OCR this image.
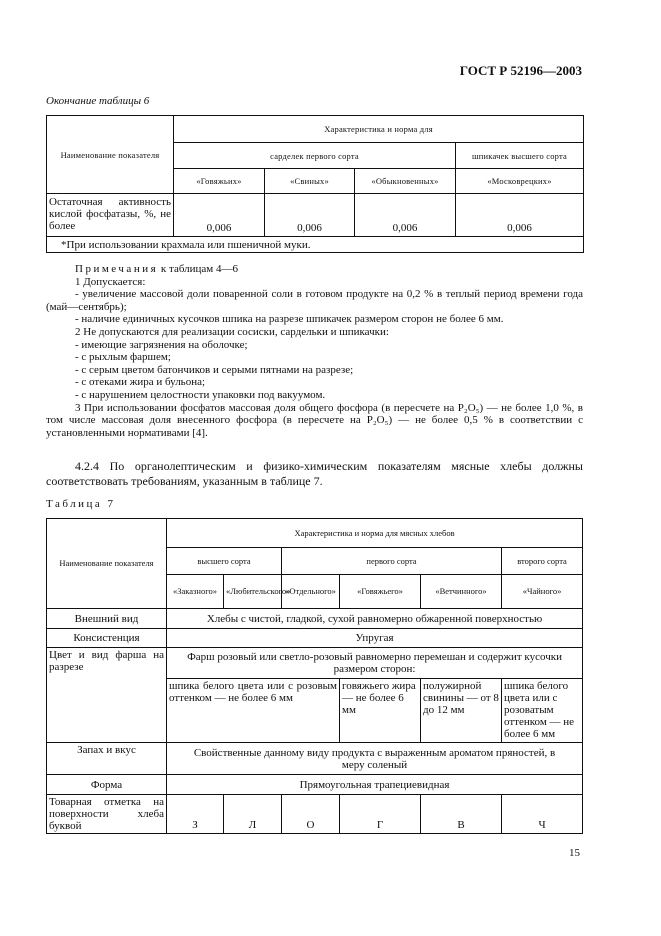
ГОСТ Р 52196—2003
Окончание таблицы 6
Наименование показателя	Характеристика и норма для			
	сарделек первого сорта			шпикачек высшего сорта
	«Говяжьих»	«Свиных»	«Обыкновенных»	«Московрецких»
Остаточная активность кислой фосфатазы, %, не более	0,006	0,006	0,006	0,006
*При использовании крахмала или пшеничной муки.				

Примечания к таблицам 4—6

1 Допускается:

- увеличение массовой доли поваренной соли в готовом продукте на 0,2 % в теплый период времени года (май—сентябрь);

- наличие единичных кусочков шпика на разрезе шпикачек размером сторон не более 6 мм.

2 Не допускаются для реализации сосиски, сардельки и шпикачки:

- имеющие загрязнения на оболочке;

- с рыхлым фаршем;

- с серым цветом батончиков и серыми пятнами на разрезе;

- с отеками жира и бульона;

- с нарушением целостности упаковки под вакуумом.

3 При использовании фосфатов массовая доля общего фосфора (в пересчете на P₂O₅) — не более 1,0 %, в том числе массовая доля внесенного фосфора (в пересчете на P₂O₅) — не более 0,5 % в соответствии с установленными нормативами [4].

4.2.4 По органолептическим и физико-химическим показателям мясные хлебы должны соответствовать требованиям, указанным в таблице 7.

Таблица 7
Наименование показателя	Характеристика и норма для мясных хлебов					
	высшего сорта		первого сорта			второго сорта
	«Заказного»	«Любительского»	«Отдельного»	«Говяжьего»	«Ветчинного»	«Чайного»
Внешний вид	Хлебы с чистой, гладкой, сухой равномерно обжаренной поверхностью					
Консистенция	Упругая					
Цвет и вид фарша на разрезе	Фарш розовый или светло-розовый равномерно перемешан и содержит кусочки размером сторон:					
	шпика белого цвета или с розовым оттенком — не более 6 мм			говяжьего жира — не более 6 мм	полужирной свинины — от 8 до 12 мм	шпика белого цвета или с розоватым оттенком — не более 6 мм
Запах и вкус	Свойственные данному виду продукта с выраженным ароматом пряностей, в меру соленый					
Форма	Прямоугольная трапециевидная					
Товарная отметка на поверхности хлеба буквой	З	Л	О	Г	В	Ч
15
